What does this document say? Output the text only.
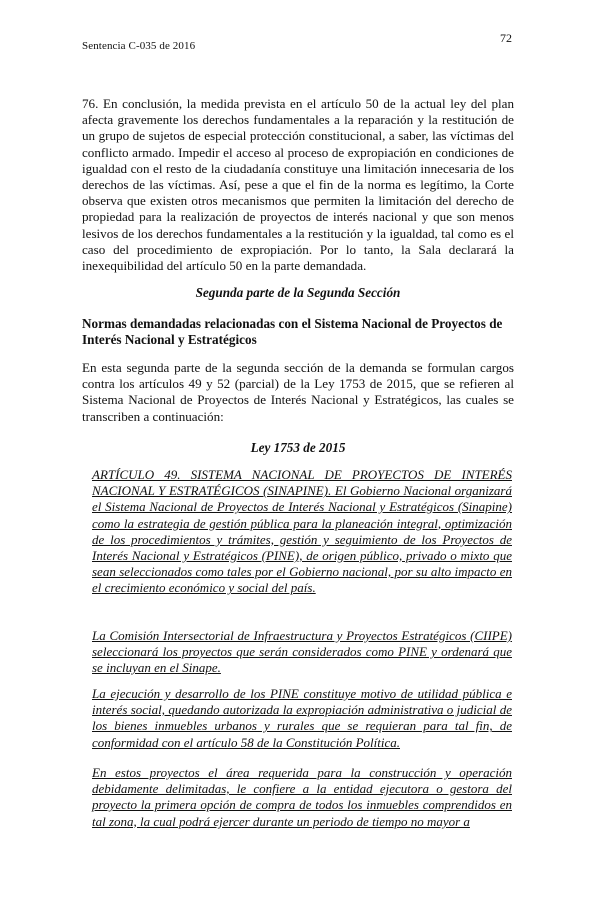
Sentencia C-035 de 2016
72
76. En conclusión, la medida prevista en el artículo 50 de la actual ley del plan afecta gravemente los derechos fundamentales a la reparación y la restitución de un grupo de sujetos de especial protección constitucional, a saber, las víctimas del conflicto armado. Impedir el acceso al proceso de expropiación en condiciones de igualdad con el resto de la ciudadanía constituye una limitación innecesaria de los derechos de las víctimas. Así, pese a que el fin de la norma es legítimo, la Corte observa que existen otros mecanismos que permiten la limitación del derecho de propiedad para la realización de proyectos de interés nacional y que son menos lesivos de los derechos fundamentales a la restitución y la igualdad, tal como es el caso del procedimiento de expropiación. Por lo tanto, la Sala declarará la inexequibilidad del artículo 50 en la parte demandada.
Segunda parte de la Segunda Sección
Normas demandadas relacionadas con el Sistema Nacional de Proyectos de Interés Nacional y Estratégicos
En esta segunda parte de la segunda sección de la demanda se formulan cargos contra los artículos 49 y 52 (parcial) de la Ley 1753 de 2015, que se refieren al Sistema Nacional de Proyectos de Interés Nacional y Estratégicos, las cuales se transcriben a continuación:
Ley 1753 de 2015
ARTÍCULO 49. SISTEMA NACIONAL DE PROYECTOS DE INTERÉS NACIONAL Y ESTRATÉGICOS (SINAPINE). El Gobierno Nacional organizará el Sistema Nacional de Proyectos de Interés Nacional y Estratégicos (Sinapine) como la estrategia de gestión pública para la planeación integral, optimización de los procedimientos y trámites, gestión y seguimiento de los Proyectos de Interés Nacional y Estratégicos (PINE), de origen público, privado o mixto que sean seleccionados como tales por el Gobierno nacional, por su alto impacto en el crecimiento económico y social del país.
La Comisión Intersectorial de Infraestructura y Proyectos Estratégicos (CIIPE) seleccionará los proyectos que serán considerados como PINE y ordenará que se incluyan en el Sinape.
La ejecución y desarrollo de los PINE constituye motivo de utilidad pública e interés social, quedando autorizada la expropiación administrativa o judicial de los bienes inmuebles urbanos y rurales que se requieran para tal fin, de conformidad con el artículo 58 de la Constitución Política.
En estos proyectos el área requerida para la construcción y operación debidamente delimitadas, le confiere a la entidad ejecutora o gestora del proyecto la primera opción de compra de todos los inmuebles comprendidos en tal zona, la cual podrá ejercer durante un periodo de tiempo no mayor a
